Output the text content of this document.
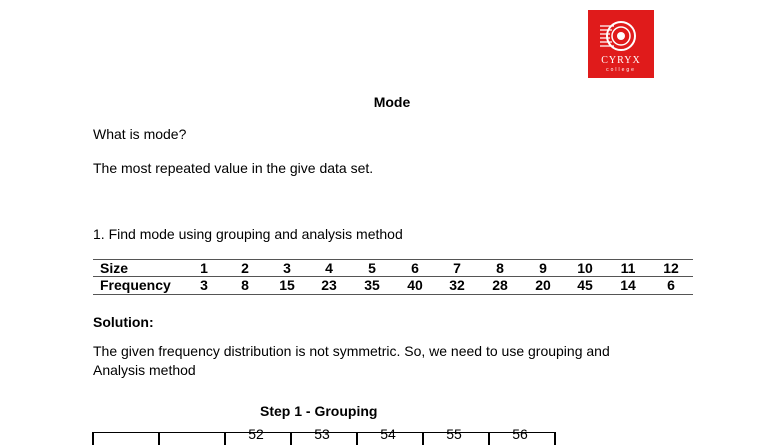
CYRYX
college
Mode
What is mode?
The most repeated value in the give data set.
1. Find mode using grouping and analysis method
Size	1	2	3	4	5	6	7	8	9	10	11	12
Frequency	3	8	15	23	35	40	32	28	20	45	14	6
Solution:
The given frequency distribution is not symmetric. So, we need to use grouping and
Analysis method
Step 1 - Grouping
52	53	54	55	56
